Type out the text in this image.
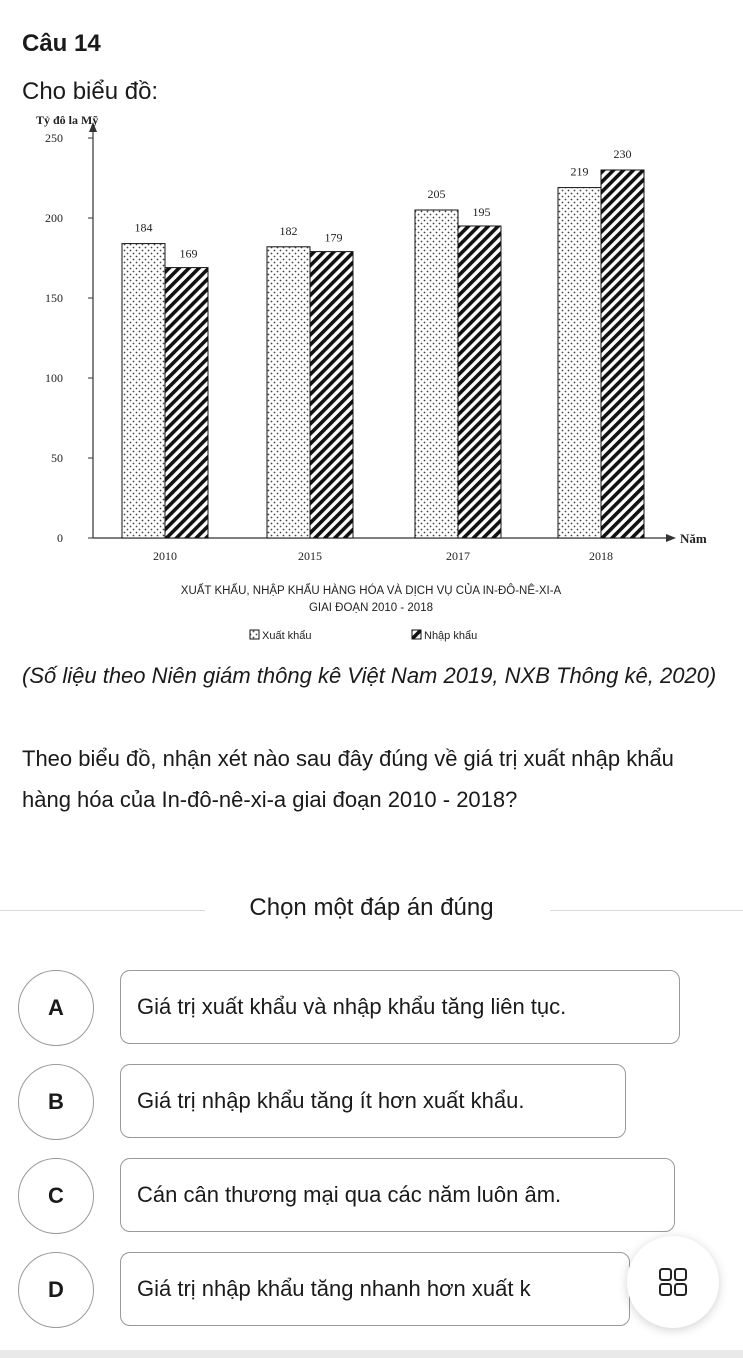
Câu 14
Cho biểu đồ:
0
50
100
150
200
250
Tỷ đô la Mỹ
Năm
184
169
2010
182 179
2015
205
195
2017
219
230
2018
XUẤT KHẨU, NHẬP KHẨU HÀNG HÓA VÀ DỊCH VỤ CỦA IN-ĐÔ-NÊ-XI-A
GIAI ĐOẠN 2010 - 2018
Xuất khẩu	Nhập khẩu
(Số liệu theo Niên giám thông kê Việt Nam 2019, NXB Thông kê, 2020)
Theo biểu đồ, nhận xét nào sau đây đúng về giá trị xuất nhập khẩu hàng hóa của In-đô-nê-xi-a giai đoạn 2010 - 2018?
Chọn một đáp án đúng
A	Giá trị xuất khẩu và nhập khẩu tăng liên tục.
B	Giá trị nhập khẩu tăng ít hơn xuất khẩu.
C	Cán cân thương mại qua các năm luôn âm.
D	Giá trị nhập khẩu tăng nhanh hơn xuất k
